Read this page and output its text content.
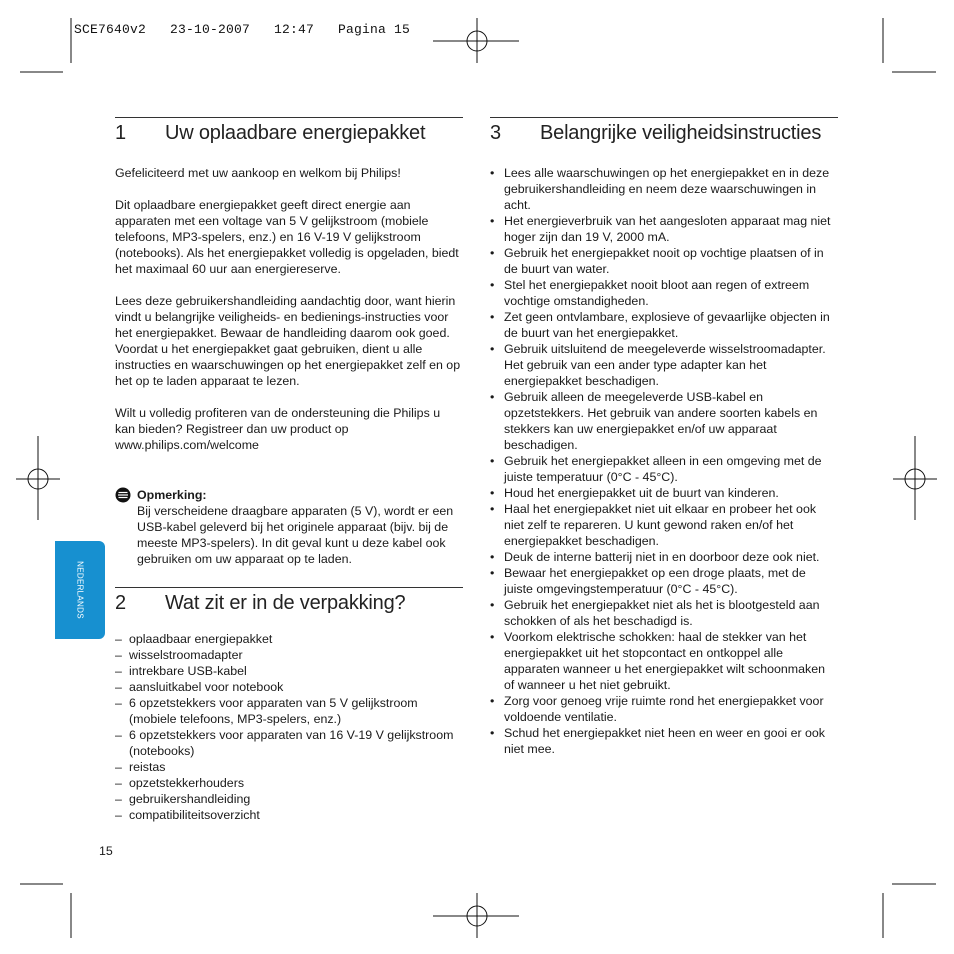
SCE7640v2   23-10-2007   12:47   Pagina 15
NEDERLANDS
1	Uw oplaadbare energiepakket

Gefeliciteerd met uw aankoop en welkom bij Philips!

Dit oplaadbare energiepakket geeft direct energie aan apparaten met een voltage van 5 V gelijkstroom (mobiele telefoons, MP3-spelers, enz.) en 16 V-19 V gelijkstroom (notebooks). Als het energiepakket volledig is opgeladen, biedt het maximaal 60 uur aan energiereserve.

Lees deze gebruikershandleiding aandachtig door, want hierin vindt u belangrijke veiligheids- en bedienings-instructies voor het energiepakket. Bewaar de handleiding daarom ook goed. Voordat u het energiepakket gaat gebruiken, dient u alle instructies en waarschuwingen op het energiepakket zelf en op het op te laden apparaat te lezen.

Wilt u volledig profiteren van de ondersteuning die Philips u kan bieden? Registreer dan uw product op www.philips.com/welcome

Opmerking:
Bij verscheidene draagbare apparaten (5 V), wordt er een USB-kabel geleverd bij het originele apparaat (bijv. bij de meeste MP3-spelers). In dit geval kunt u deze kabel ook gebruiken om uw apparaat op te laden.
2	Wat zit er in de verpakking?
– oplaadbaar energiepakket
– wisselstroomadapter
– intrekbare USB-kabel
– aansluitkabel voor notebook
– 6 opzetstekkers voor apparaten van 5 V gelijkstroom (mobiele telefoons, MP3-spelers, enz.)
– 6 opzetstekkers voor apparaten van 16 V-19 V gelijkstroom (notebooks)
– reistas
– opzetstekkerhouders
– gebruikershandleiding
– compatibiliteitsoverzicht
3	Belangrijke veiligheidsinstructies
• Lees alle waarschuwingen op het energiepakket en in deze gebruikershandleiding en neem deze waarschuwingen in acht.
• Het energieverbruik van het aangesloten apparaat mag niet hoger zijn dan 19 V, 2000 mA.
• Gebruik het energiepakket nooit op vochtige plaatsen of in de buurt van water.
• Stel het energiepakket nooit bloot aan regen of extreem vochtige omstandigheden.
• Zet geen ontvlambare, explosieve of gevaarlijke objecten in de buurt van het energiepakket.
• Gebruik uitsluitend de meegeleverde wisselstroomadapter. Het gebruik van een ander type adapter kan het energiepakket beschadigen.
• Gebruik alleen de meegeleverde USB-kabel en opzetstekkers. Het gebruik van andere soorten kabels en stekkers kan uw energiepakket en/of uw apparaat beschadigen.
• Gebruik het energiepakket alleen in een omgeving met de juiste temperatuur (0°C - 45°C).
• Houd het energiepakket uit de buurt van kinderen.
• Haal het energiepakket niet uit elkaar en probeer het ook niet zelf te repareren. U kunt gewond raken en/of het energiepakket beschadigen.
• Deuk de interne batterij niet in en doorboor deze ook niet.
• Bewaar het energiepakket op een droge plaats, met de juiste omgevingstemperatuur (0°C - 45°C).
• Gebruik het energiepakket niet als het is blootgesteld aan schokken of als het beschadigd is.
• Voorkom elektrische schokken: haal de stekker van het energiepakket uit het stopcontact en ontkoppel alle apparaten wanneer u het energiepakket wilt schoonmaken of wanneer u het niet gebruikt.
• Zorg voor genoeg vrije ruimte rond het energiepakket voor voldoende ventilatie.
• Schud het energiepakket niet heen en weer en gooi er ook niet mee.
15
